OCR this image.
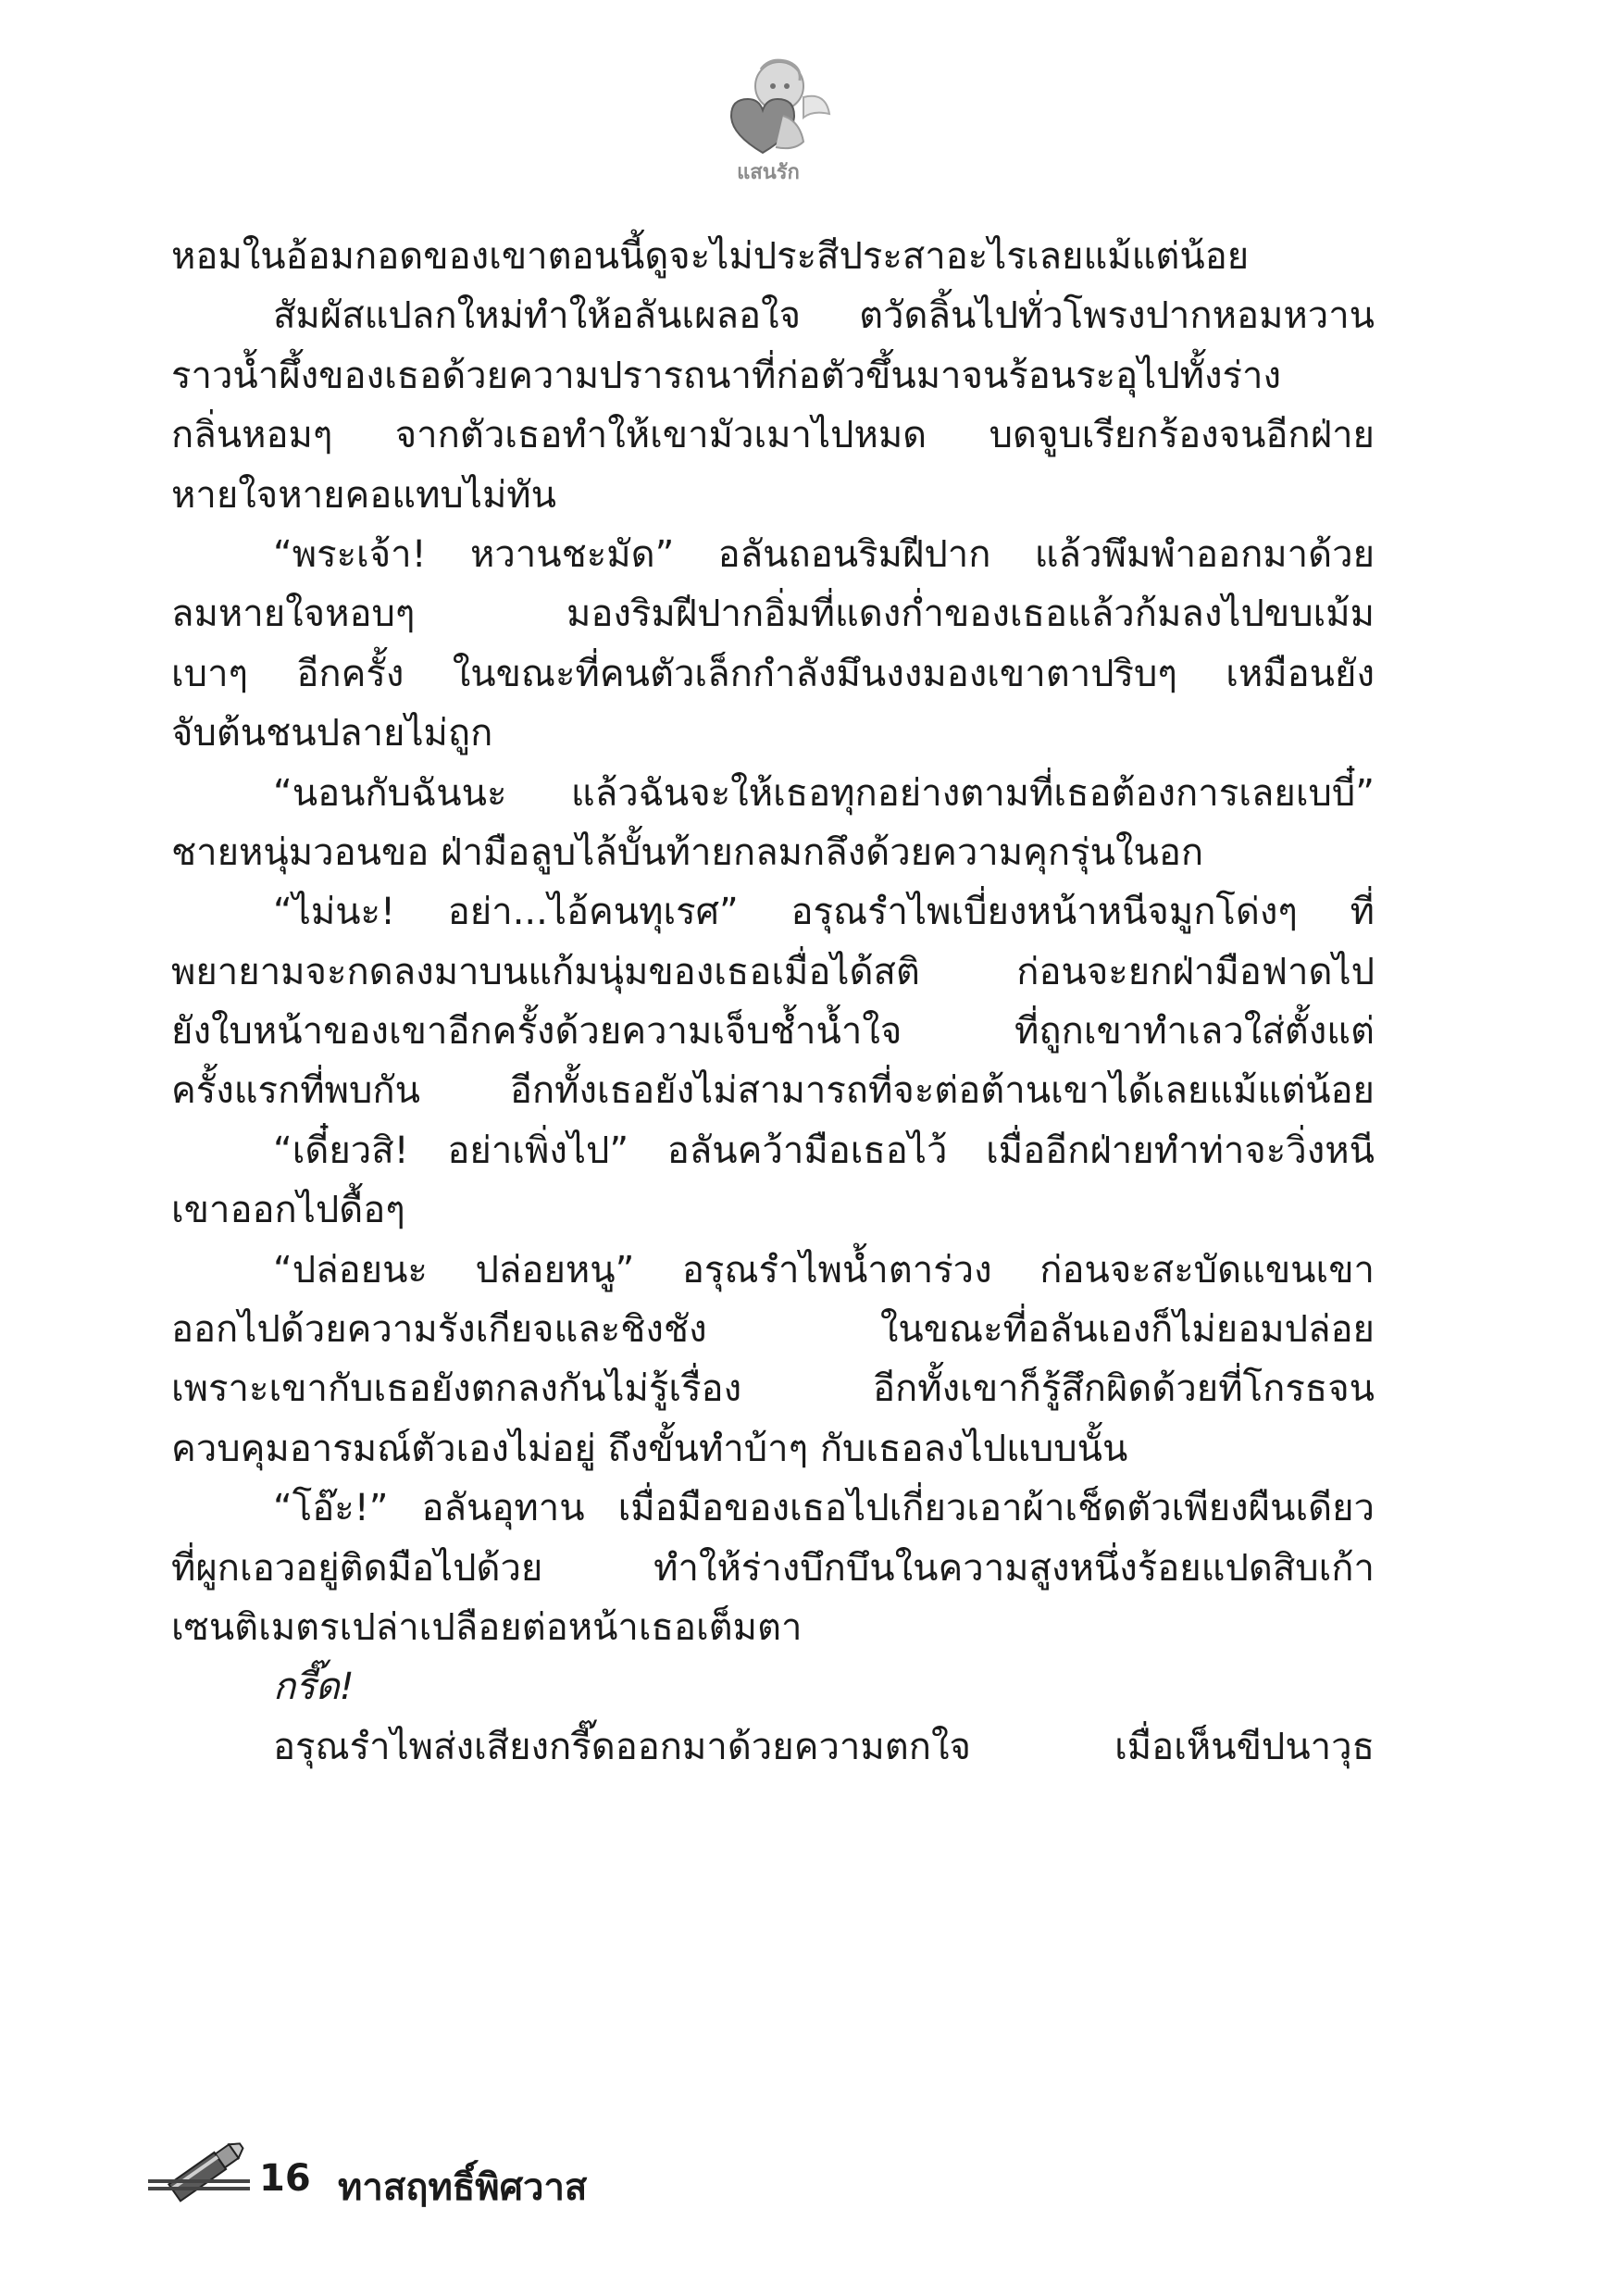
แสนรัก
หอมในอ้อมกอดของเขาตอนนี้ดูจะไม่ประสีประสาอะไรเลยแม้แต่น้อย
สัมผัสแปลกใหม่ทำให้อลันเผลอใจ ตวัดลิ้นไปทั่วโพรงปากหอมหวาน
ราวน้ำผึ้งของเธอด้วยความปรารถนาที่ก่อตัวขึ้นมาจนร้อนระอุไปทั้งร่าง
กลิ่นหอมๆ จากตัวเธอทำให้เขามัวเมาไปหมด บดจูบเรียกร้องจนอีกฝ่าย
หายใจหายคอแทบไม่ทัน
“พระเจ้า! หวานชะมัด” อลันถอนริมฝีปาก แล้วพึมพำออกมาด้วย
ลมหายใจหอบๆ มองริมฝีปากอิ่มที่แดงก่ำของเธอแล้วก้มลงไปขบเม้ม
เบาๆ อีกครั้ง ในขณะที่คนตัวเล็กกำลังมึนงงมองเขาตาปริบๆ เหมือนยัง
จับต้นชนปลายไม่ถูก
“นอนกับฉันนะ แล้วฉันจะให้เธอทุกอย่างตามที่เธอต้องการเลยเบบี๋”
ชายหนุ่มวอนขอ ฝ่ามือลูบไล้บั้นท้ายกลมกลึงด้วยความคุกรุ่นในอก
“ไม่นะ! อย่า...ไอ้คนทุเรศ” อรุณรำไพเบี่ยงหน้าหนีจมูกโด่งๆ ที่
พยายามจะกดลงมาบนแก้มนุ่มของเธอเมื่อได้สติ ก่อนจะยกฝ่ามือฟาดไป
ยังใบหน้าของเขาอีกครั้งด้วยความเจ็บช้ำน้ำใจ ที่ถูกเขาทำเลวใส่ตั้งแต่
ครั้งแรกที่พบกัน อีกทั้งเธอยังไม่สามารถที่จะต่อต้านเขาได้เลยแม้แต่น้อย
“เดี๋ยวสิ! อย่าเพิ่งไป” อลันคว้ามือเธอไว้ เมื่ออีกฝ่ายทำท่าจะวิ่งหนี
เขาออกไปดื้อๆ
“ปล่อยนะ ปล่อยหนู” อรุณรำไพน้ำตาร่วง ก่อนจะสะบัดแขนเขา
ออกไปด้วยความรังเกียจและชิงชัง ในขณะที่อลันเองก็ไม่ยอมปล่อย
เพราะเขากับเธอยังตกลงกันไม่รู้เรื่อง อีกทั้งเขาก็รู้สึกผิดด้วยที่โกรธจน
ควบคุมอารมณ์ตัวเองไม่อยู่ ถึงขั้นทำบ้าๆ กับเธอลงไปแบบนั้น
“โอ๊ะ!” อลันอุทาน เมื่อมือของเธอไปเกี่ยวเอาผ้าเช็ดตัวเพียงผืนเดียว
ที่ผูกเอวอยู่ติดมือไปด้วย ทำให้ร่างบึกบึนในความสูงหนึ่งร้อยแปดสิบเก้า
เซนติเมตรเปล่าเปลือยต่อหน้าเธอเต็มตา
กรี๊ด!
อรุณรำไพส่งเสียงกรี๊ดออกมาด้วยความตกใจ เมื่อเห็นขีปนาวุธ
16 ทาสฤทธิ์พิศวาส
